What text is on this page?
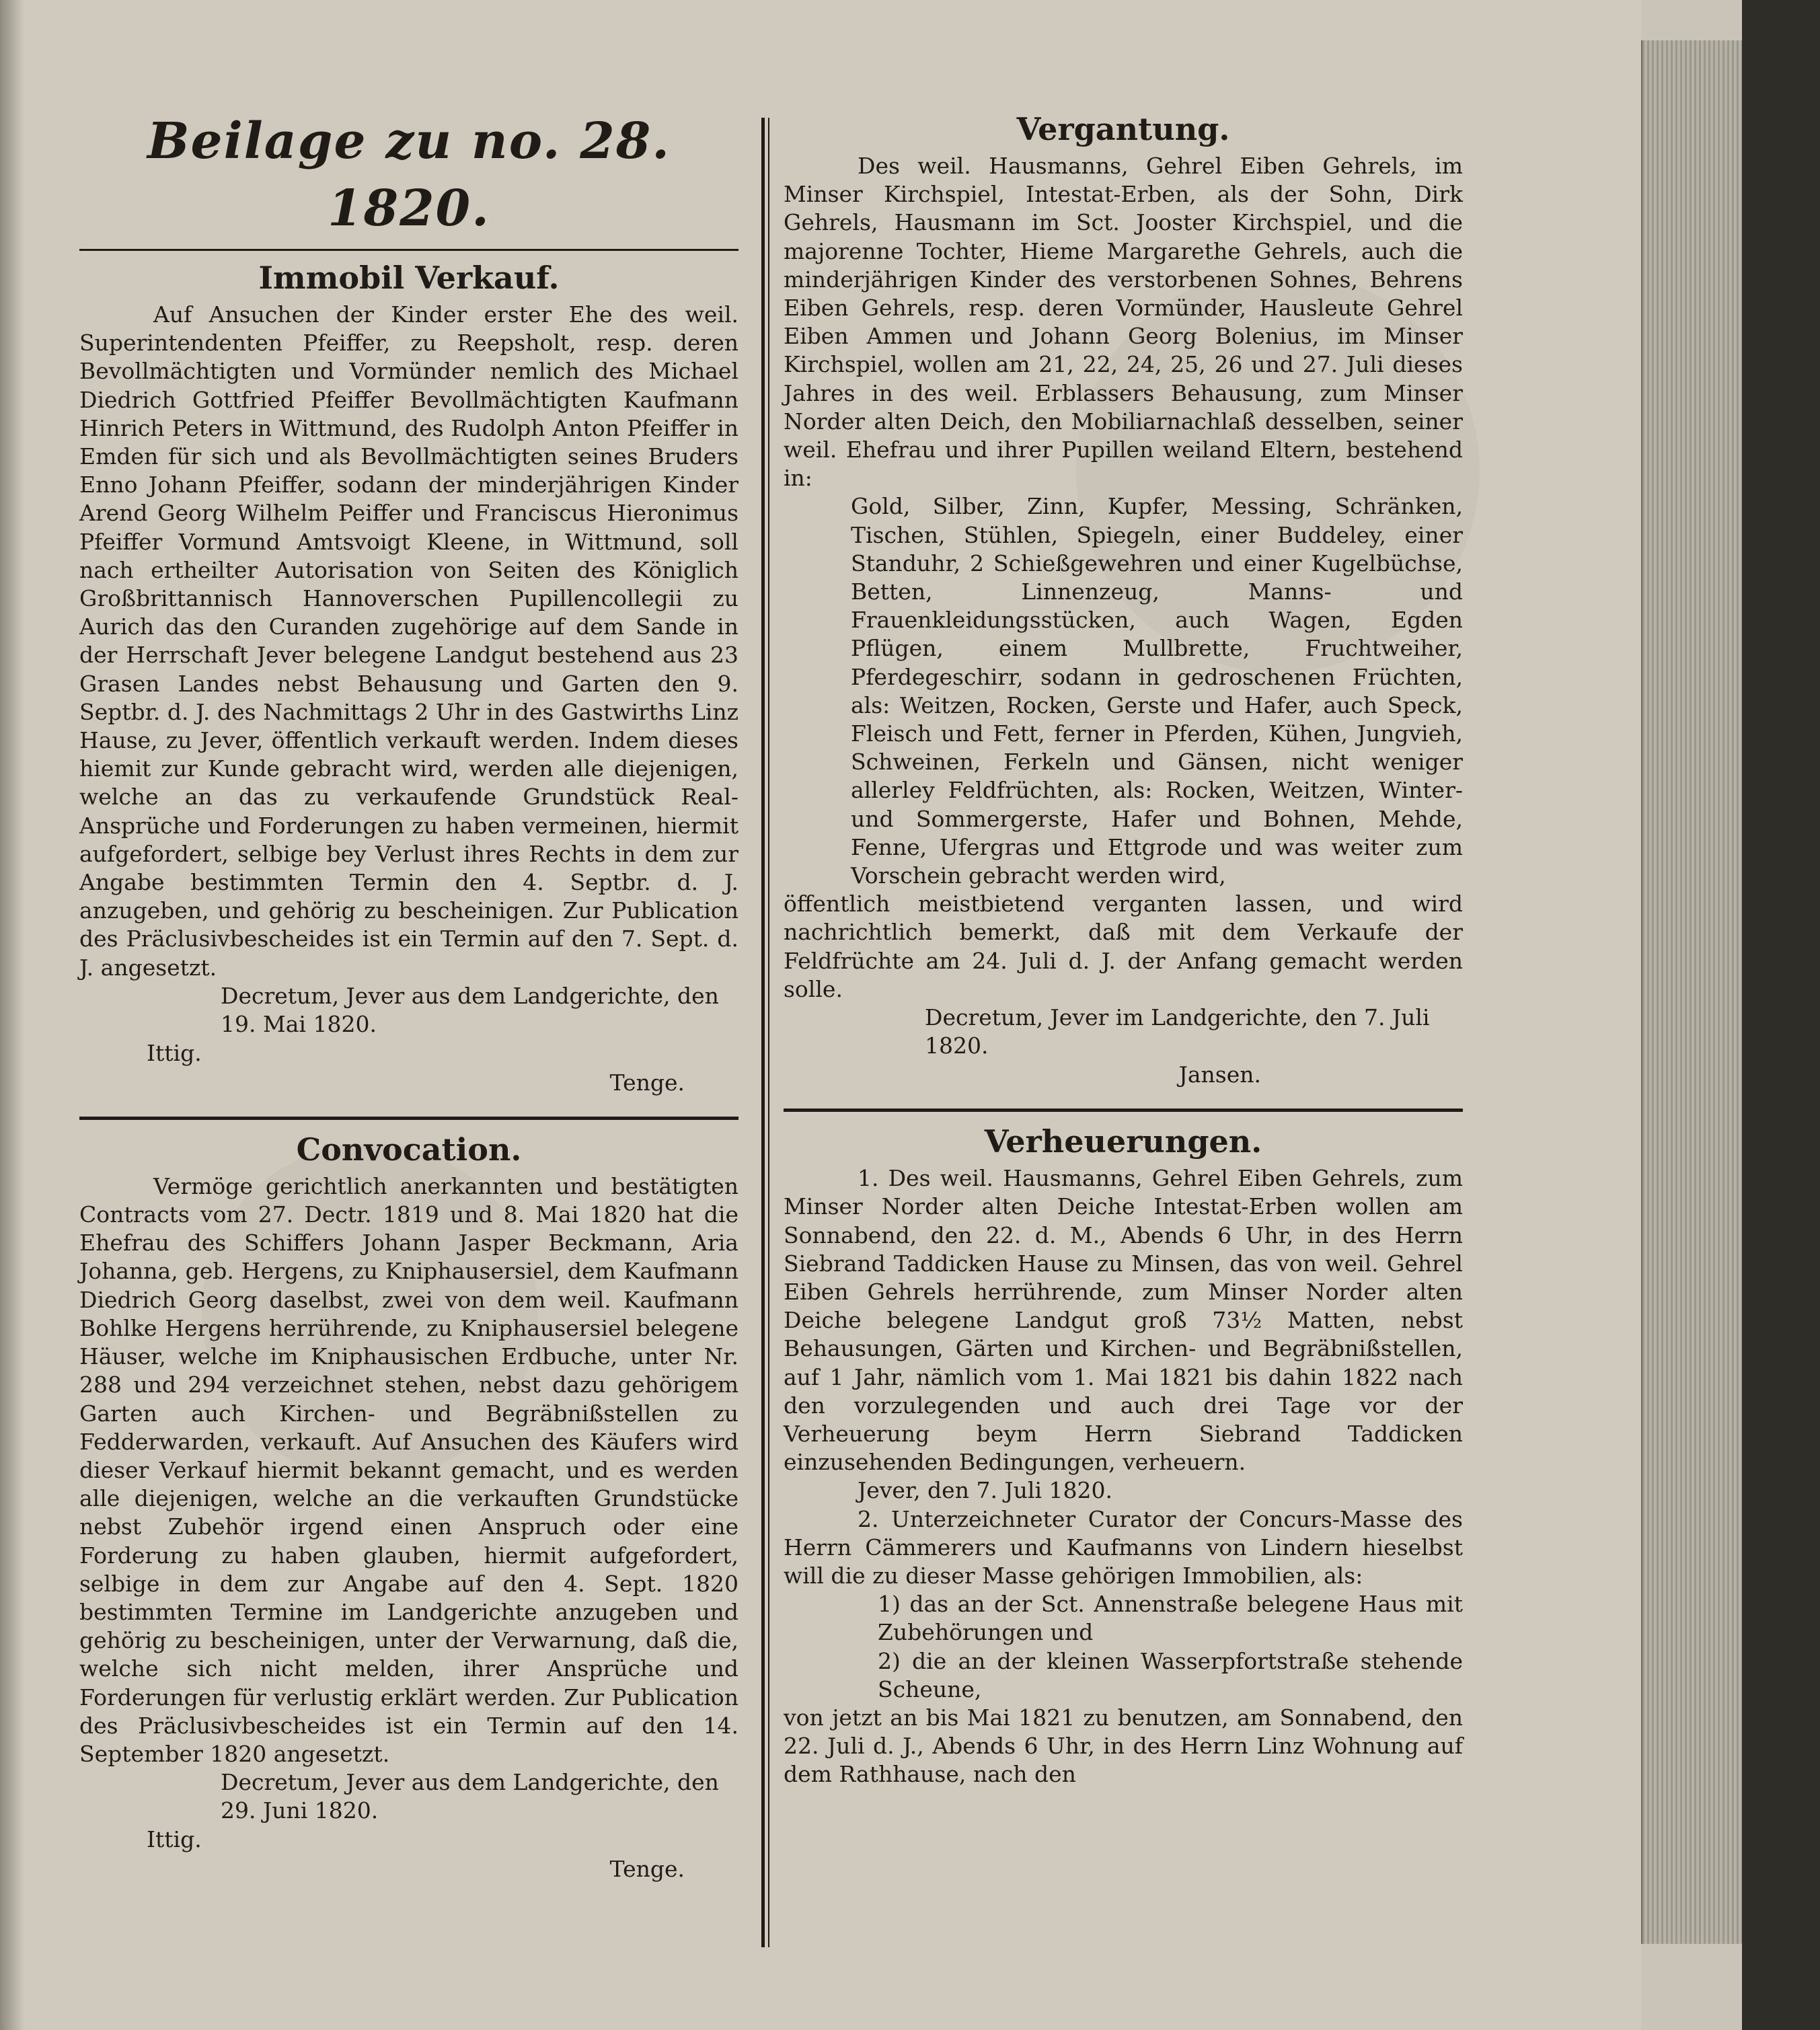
Beilage zu no. 28. 1820.
Immobil Verkauf.

Auf Ansuchen der Kinder erster Ehe des weil. Superintendenten Pfeiffer, zu Reepsholt, resp. deren Bevollmächtigten und Vormünder nemlich des Michael Diedrich Gottfried Pfeiffer Bevollmächtigten Kaufmann Hinrich Peters in Wittmund, des Rudolph Anton Pfeiffer in Emden für sich und als Bevollmächtigten seines Bruders Enno Johann Pfeiffer, sodann der minderjährigen Kinder Arend Georg Wilhelm Peiffer und Franciscus Hieronimus Pfeiffer Vormund Amtsvoigt Kleene, in Wittmund, soll nach ertheilter Autorisation von Seiten des Königlich Großbrittannisch Hannoverschen Pupillencollegii zu Aurich das den Curanden zugehörige auf dem Sande in der Herrschaft Jever belegene Landgut bestehend aus 23 Grasen Landes nebst Behausung und Garten den 9. Septbr. d. J. des Nachmittags 2 Uhr in des Gastwirths Linz Hause, zu Jever, öffentlich verkauft werden. Indem dieses hiemit zur Kunde gebracht wird, werden alle diejenigen, welche an das zu verkaufende Grundstück Real-Ansprüche und Forderungen zu haben vermeinen, hiermit aufgefordert, selbige bey Verlust ihres Rechts in dem zur Angabe bestimmten Termin den 4. Septbr. d. J. anzugeben, und gehörig zu bescheinigen. Zur Publication des Präclusivbescheides ist ein Termin auf den 7. Sept. d. J. angesetzt.

Decretum, Jever aus dem Landgerichte, den 19. Mai 1820.
Ittig.
Tenge.
Convocation.

Vermöge gerichtlich anerkannten und bestätigten Contracts vom 27. Dectr. 1819 und 8. Mai 1820 hat die Ehefrau des Schiffers Johann Jasper Beckmann, Aria Johanna, geb. Hergens, zu Kniphausersiel, dem Kaufmann Diedrich Georg daselbst, zwei von dem weil. Kaufmann Bohlke Hergens herrührende, zu Kniphausersiel belegene Häuser, welche im Kniphausischen Erdbuche, unter Nr. 288 und 294 verzeichnet stehen, nebst dazu gehörigem Garten auch Kirchen- und Begräbnißstellen zu Fedderwarden, verkauft. Auf Ansuchen des Käufers wird dieser Verkauf hiermit bekannt gemacht, und es werden alle diejenigen, welche an die verkauften Grundstücke nebst Zubehör irgend einen Anspruch oder eine Forderung zu haben glauben, hiermit aufgefordert, selbige in dem zur Angabe auf den 4. Sept. 1820 bestimmten Termine im Landgerichte anzugeben und gehörig zu bescheinigen, unter der Verwarnung, daß die, welche sich nicht melden, ihrer Ansprüche und Forderungen für verlustig erklärt werden. Zur Publication des Präclusivbescheides ist ein Termin auf den 14. September 1820 angesetzt.

Decretum, Jever aus dem Landgerichte, den 29. Juni 1820.
Ittig.
Tenge.
Vergantung.

Des weil. Hausmanns, Gehrel Eiben Gehrels, im Minser Kirchspiel, Intestat-Erben, als der Sohn, Dirk Gehrels, Hausmann im Sct. Jooster Kirchspiel, und die majorenne Tochter, Hieme Margarethe Gehrels, auch die minderjährigen Kinder des verstorbenen Sohnes, Behrens Eiben Gehrels, resp. deren Vormünder, Hausleute Gehrel Eiben Ammen und Johann Georg Bolenius, im Minser Kirchspiel, wollen am 21, 22, 24, 25, 26 und 27. Juli dieses Jahres in des weil. Erblassers Behausung, zum Minser Norder alten Deich, den Mobiliarnachlaß desselben, seiner weil. Ehefrau und ihrer Pupillen weiland Eltern, bestehend in:

Gold, Silber, Zinn, Kupfer, Messing, Schränken, Tischen, Stühlen, Spiegeln, einer Buddeley, einer Standuhr, 2 Schießgewehren und einer Kugelbüchse, Betten, Linnenzeug, Manns- und Frauenkleidungsstücken, auch Wagen, Egden Pflügen, einem Mullbrette, Fruchtweiher, Pferdegeschirr, sodann in gedroschenen Früchten, als: Weitzen, Rocken, Gerste und Hafer, auch Speck, Fleisch und Fett, ferner in Pferden, Kühen, Jungvieh, Schweinen, Ferkeln und Gänsen, nicht weniger allerley Feldfrüchten, als: Rocken, Weitzen, Winter- und Sommergerste, Hafer und Bohnen, Mehde, Fenne, Ufergras und Ettgrode und was weiter zum Vorschein gebracht werden wird,

öffentlich meistbietend verganten lassen, und wird nachrichtlich bemerkt, daß mit dem Verkaufe der Feldfrüchte am 24. Juli d. J. der Anfang gemacht werden solle.

Decretum, Jever im Landgerichte, den 7. Juli 1820.
Jansen.
Verheuerungen.

1. Des weil. Hausmanns, Gehrel Eiben Gehrels, zum Minser Norder alten Deiche Intestat-Erben wollen am Sonnabend, den 22. d. M., Abends 6 Uhr, in des Herrn Siebrand Taddicken Hause zu Minsen, das von weil. Gehrel Eiben Gehrels herrührende, zum Minser Norder alten Deiche belegene Landgut groß 73½ Matten, nebst Behausungen, Gärten und Kirchen- und Begräbnißstellen, auf 1 Jahr, nämlich vom 1. Mai 1821 bis dahin 1822 nach den vorzulegenden und auch drei Tage vor der Verheuerung beym Herrn Siebrand Taddicken einzusehenden Bedingungen, verheuern.

Jever, den 7. Juli 1820.

2. Unterzeichneter Curator der Concurs-Masse des Herrn Cämmerers und Kaufmanns von Lindern hieselbst will die zu dieser Masse gehörigen Immobilien, als:

1) das an der Sct. Annenstraße belegene Haus mit Zubehörungen und

2) die an der kleinen Wasserpfortstraße stehende Scheune,

von jetzt an bis Mai 1821 zu benutzen, am Sonnabend, den 22. Juli d. J., Abends 6 Uhr, in des Herrn Linz Wohnung auf dem Rathhause, nach den
